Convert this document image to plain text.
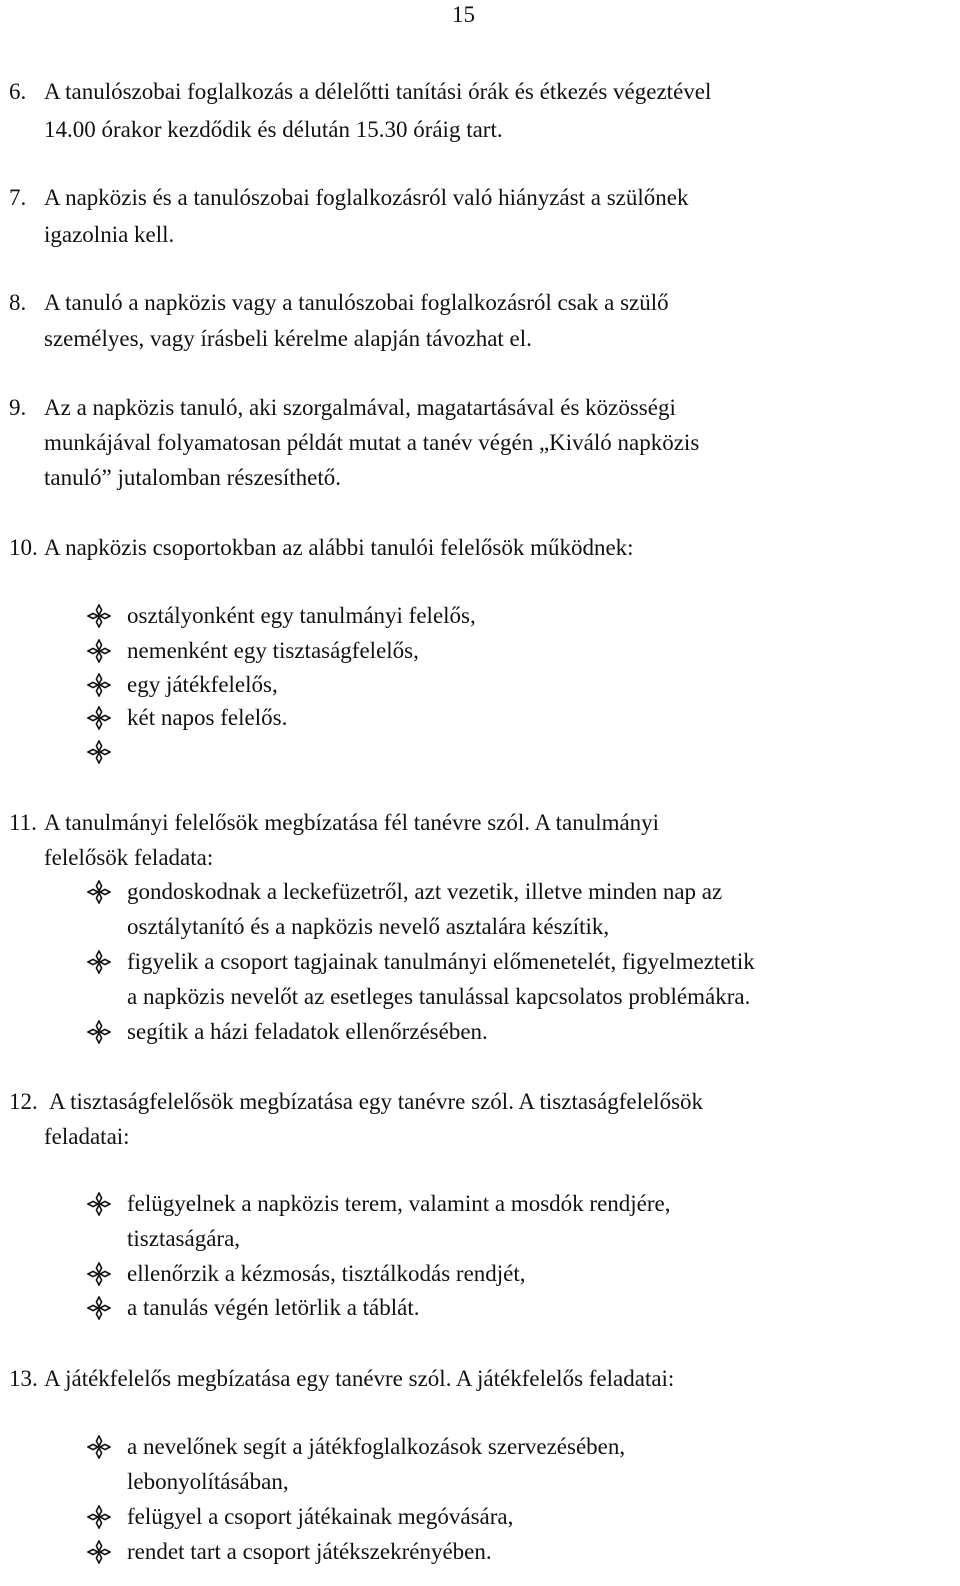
15
6. A tanulószobai foglalkozás a délelőtti tanítási órák és étkezés végeztével
14.00 órakor kezdődik és délután 15.30 óráig tart.
7. A napközis és a tanulószobai foglalkozásról való hiányzást a szülőnek
igazolnia kell.
8. A tanuló a napközis vagy a tanulószobai foglalkozásról csak a szülő
személyes, vagy írásbeli kérelme alapján távozhat el.
9. Az a napközis tanuló, aki szorgalmával, magatartásával és közösségi
munkájával folyamatosan példát mutat a tanév végén „Kiváló napközis
tanuló” jutalomban részesíthető.
10. A napközis csoportokban az alábbi tanulói felelősök működnek:
osztályonként egy tanulmányi felelős,
nemenként egy tisztaságfelelős,
egy játékfelelős,
két napos felelős.
11. A tanulmányi felelősök megbízatása fél tanévre szól. A tanulmányi
felelősök feladata:
gondoskodnak a leckefüzetről, azt vezetik, illetve minden nap az
osztálytanító és a napközis nevelő asztalára készítik,
figyelik a csoport tagjainak tanulmányi előmenetelét, figyelmeztetik
a napközis nevelőt az esetleges tanulással kapcsolatos problémákra.
segítik a házi feladatok ellenőrzésében.
12. A tisztaságfelelősök megbízatása egy tanévre szól. A tisztaságfelelősök
feladatai:
felügyelnek a napközis terem, valamint a mosdók rendjére,
tisztaságára,
ellenőrzik a kézmosás, tisztálkodás rendjét,
a tanulás végén letörlik a táblát.
13. A játékfelelős megbízatása egy tanévre szól. A játékfelelős feladatai:
a nevelőnek segít a játékfoglalkozások szervezésében,
lebonyolításában,
felügyel a csoport játékainak megóvására,
rendet tart a csoport játékszekrényében.
